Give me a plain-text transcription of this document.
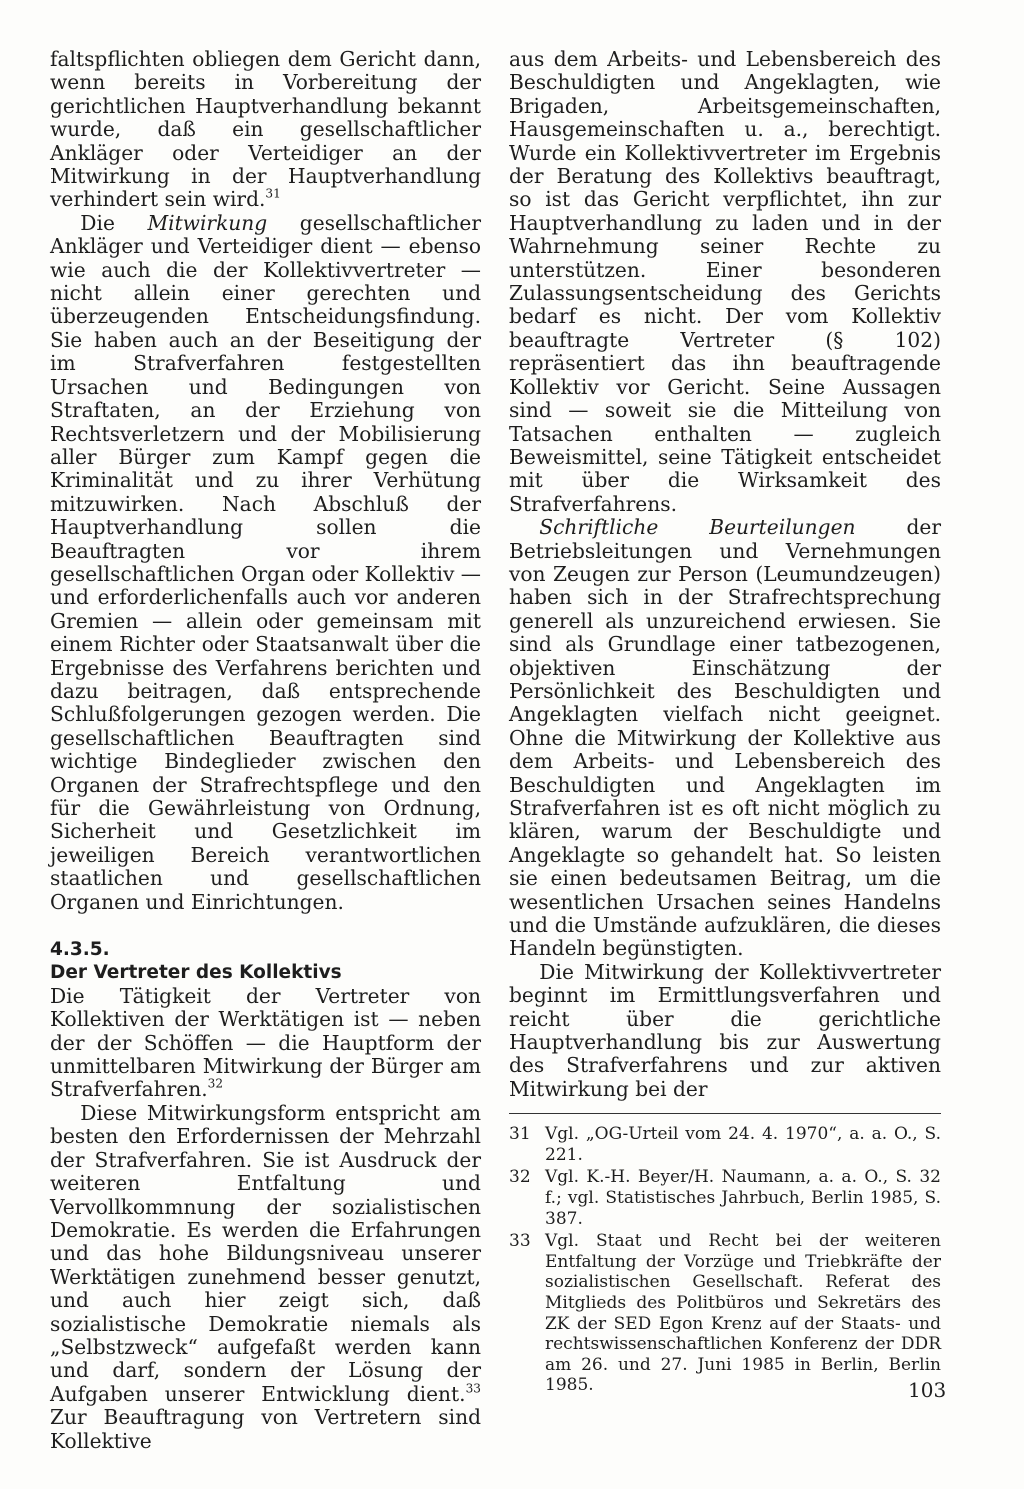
faltspflichten obliegen dem Gericht dann, wenn bereits in Vorbereitung der gerichtlichen Hauptverhandlung bekannt wurde, daß ein gesellschaftlicher Ankläger oder Verteidiger an der Mitwirkung in der Hauptverhandlung verhindert sein wird.$^{31}$

Die Mitwirkung gesellschaftlicher Ankläger und Verteidiger dient — ebenso wie auch die der Kollektivvertreter — nicht allein einer gerechten und überzeugenden Entscheidungsfindung. Sie haben auch an der Beseitigung der im Strafverfahren festgestellten Ursachen und Bedingungen von Straftaten, an der Erziehung von Rechtsverletzern und der Mobilisierung aller Bürger zum Kampf gegen die Kriminalität und zu ihrer Verhütung mitzuwirken. Nach Abschluß der Hauptverhandlung sollen die Beauftragten vor ihrem gesellschaftlichen Organ oder Kollektiv — und erforderlichenfalls auch vor anderen Gremien — allein oder gemeinsam mit einem Richter oder Staatsanwalt über die Ergebnisse des Verfahrens berichten und dazu beitragen, daß entsprechende Schlußfolgerungen gezogen werden. Die gesellschaftlichen Beauftragten sind wichtige Bindeglieder zwischen den Organen der Strafrechtspflege und den für die Gewährleistung von Ordnung, Sicherheit und Gesetzlichkeit im jeweiligen Bereich verantwortlichen staatlichen und gesellschaftlichen Organen und Einrichtungen.

4.3.5.

Der Vertreter des Kollektivs

Die Tätigkeit der Vertreter von Kollektiven der Werktätigen ist — neben der der Schöffen — die Hauptform der unmittelbaren Mitwirkung der Bürger am Strafverfahren.$^{32}$

Diese Mitwirkungsform entspricht am besten den Erfordernissen der Mehrzahl der Strafverfahren. Sie ist Ausdruck der weiteren Entfaltung und Vervollkommnung der sozialistischen Demokratie. Es werden die Erfahrungen und das hohe Bildungsniveau unserer Werktätigen zunehmend besser genutzt, und auch hier zeigt sich, daß sozialistische Demokratie niemals als „Selbstzweck“ aufgefaßt werden kann und darf, sondern der Lösung der Aufgaben unserer Entwicklung dient.$^{33}$ Zur Beauftragung von Vertretern sind Kollektive

aus dem Arbeits- und Lebensbereich des Beschuldigten und Angeklagten, wie Brigaden, Arbeitsgemeinschaften, Hausgemeinschaften u. a., berechtigt. Wurde ein Kollektivvertreter im Ergebnis der Beratung des Kollektivs beauftragt, so ist das Gericht verpflichtet, ihn zur Hauptverhandlung zu laden und in der Wahrnehmung seiner Rechte zu unterstützen. Einer besonderen Zulassungsentscheidung des Gerichts bedarf es nicht. Der vom Kollektiv beauftragte Vertreter (§ 102) repräsentiert das ihn beauftragende Kollektiv vor Gericht. Seine Aussagen sind — soweit sie die Mitteilung von Tatsachen enthalten — zugleich Beweismittel, seine Tätigkeit entscheidet mit über die Wirksamkeit des Strafverfahrens.

Schriftliche Beurteilungen der Betriebsleitungen und Vernehmungen von Zeugen zur Person (Leumundzeugen) haben sich in der Strafrechtsprechung generell als unzureichend erwiesen. Sie sind als Grundlage einer tatbezogenen, objektiven Einschätzung der Persönlichkeit des Beschuldigten und Angeklagten vielfach nicht geeignet. Ohne die Mitwirkung der Kollektive aus dem Arbeits- und Lebensbereich des Beschuldigten und Angeklagten im Strafverfahren ist es oft nicht möglich zu klären, warum der Beschuldigte und Angeklagte so gehandelt hat. So leisten sie einen bedeutsamen Beitrag, um die wesentlichen Ursachen seines Handelns und die Umstände aufzuklären, die dieses Handeln begünstigten.

Die Mitwirkung der Kollektivvertreter beginnt im Ermittlungsverfahren und reicht über die gerichtliche Hauptverhandlung bis zur Auswertung des Strafverfahrens und zur aktiven Mitwirkung bei der

31 Vgl. „OG-Urteil vom 24. 4. 1970“, a. a. O., S. 221.
32 Vgl. K.-H. Beyer/H. Naumann, a. a. O., S. 32 f.; vgl. Statistisches Jahrbuch, Berlin 1985, S. 387.
33 Vgl. Staat und Recht bei der weiteren Entfaltung der Vorzüge und Triebkräfte der sozialistischen Gesellschaft. Referat des Mitglieds des Politbüros und Sekretärs des ZK der SED Egon Krenz auf der Staats- und rechtswissenschaftlichen Konferenz der DDR am 26. und 27. Juni 1985 in Berlin, Berlin 1985.	103
